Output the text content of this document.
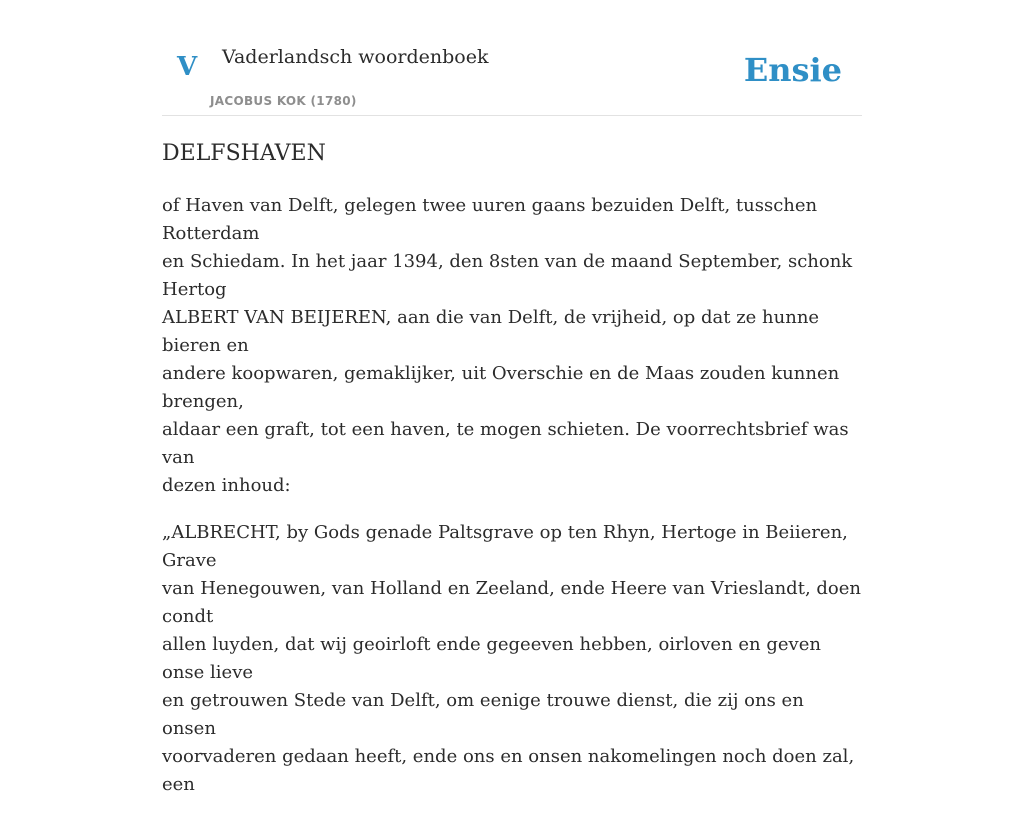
V Vaderlandsch woordenboek
JACOBUS KOK (1780)
Ensie
DELFSHAVEN

of Haven van Delft, gelegen twee uuren gaans bezuiden Delft, tusschen Rotterdam
en Schiedam. In het jaar 1394, den 8sten van de maand September, schonk Hertog
ALBERT VAN BEIJEREN, aan die van Delft, de vrijheid, op dat ze hunne bieren en
andere koopwaren, gemaklijker, uit Overschie en de Maas zouden kunnen brengen,
aldaar een graft, tot een haven, te mogen schieten. De voorrechtsbrief was van
dezen inhoud:

„ALBRECHT, by Gods genade Paltsgrave op ten Rhyn, Hertoge in Beiieren, Grave
van Henegouwen, van Holland en Zeeland, ende Heere van Vrieslandt, doen condt
allen luyden, dat wij geoirloft ende gegeeven hebben, oirloven en geven onse lieve
en getrouwen Stede van Delft, om eenige trouwe dienst, die zij ons en onsen
voorvaderen gedaan heeft, ende ons en onsen nakomelingen noch doen zal, een
